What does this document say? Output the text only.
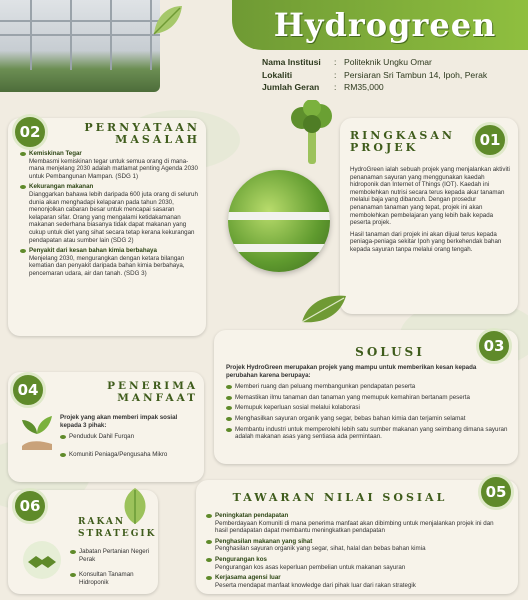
Hydrogreen
Nama Institusi	: Politeknik Ungku Omar
Lokaliti	: Persiaran Sri Tambun 14, Ipoh, Perak
Jumlah Geran	: RM35,000
01
RINGKASAN PROJEK

HydroGreen ialah sebuah projek yang menjalankan aktiviti penanaman sayuran yang menggunakan kaedah hidroponik dan Internet of Things (IOT). Kaedah ini membolehkan nutrisi secara terus kepada akar tanaman melalui baja yang dibancuh. Dengan prosedur penanaman tanaman yang tepat, projek ini akan membolehkan pembelajaran yang lebih baik kepada peserta projek.

Hasil tanaman dari projek ini akan dijual terus kepada peniaga-peniaga sekitar Ipoh yang berkehendak bahan kepada sayuran tanpa melalui orang tengah.

02	PERNYATAAN MASALAH
Kemiskinan Tegar
Membasmi kemiskinan tegar untuk semua orang di mana-mana menjelang 2030 adalah matlamat penting Agenda 2030 untuk Pembangunan Mampan. (SDG 1)
Kekurangan makanan
Dianggarkan bahawa lebih daripada 600 juta orang di seluruh dunia akan menghadapi kelaparan pada tahun 2030, menonjolkan cabaran besar untuk mencapai sasaran kelaparan sifar. Orang yang mengalami ketidakamanan makanan sederhana biasanya tidak dapat makanan yang cukup untuk diet yang sihat secara tetap kerana kekurangan pendapatan atau sumber lain (SDG 2)
Penyakit dari kesan bahan kimia berbahaya
Menjelang 2030, mengurangkan dengan ketara bilangan kematian dan penyakit daripada bahan kimia berbahaya, pencemaran udara, air dan tanah. (SDG 3)
03
SOLUSI

Projek HydroGreen merupakan projek yang mampu untuk memberikan kesan kepada perubahan karena berupaya:

Memberi ruang dan peluang membangunkan pendapatan peserta
Memastikan ilmu tanaman dan tanaman yang memupuk kemahiran bertanam peserta
Memupuk keperluan sosial melalui kolaborasi
Menghasilkan sayuran organik yang segar, bebas bahan kimia dan terjamin selamat
Membantu industri untuk memperolehi lebih satu sumber makanan yang seimbang dimana sayuran adalah makanan asas yang sentiasa ada permintaan.
04	PENERIMA MANFAAT

Projek yang akan memberi impak sosial kepada 3 pihak:

Penduduk Dahil Furqan
Komuniti Peniaga/Pengusaha Mikro
05
TAWARAN NILAI SOSIAL
Peningkatan pendapatan
Pemberdayaan Komuniti di mana penerima manfaat akan dibimbing untuk menjalankan projek ini dan hasil pendapatan dapat membantu meningkatkan pendapatan
Penghasilan makanan yang sihat
Penghasilan sayuran organik yang segar, sihat, halal dan bebas bahan kimia
Pengurangan kos
Pengurangan kos asas keperluan pembelian untuk makanan sayuran
Kerjasama agensi luar
Peserta mendapat manfaat knowledge dari pihak luar dari rakan strategik
06
RAKAN STRATEGIK
Jabatan Pertanian Negeri Perak
Konsultan Tanaman Hidroponik
